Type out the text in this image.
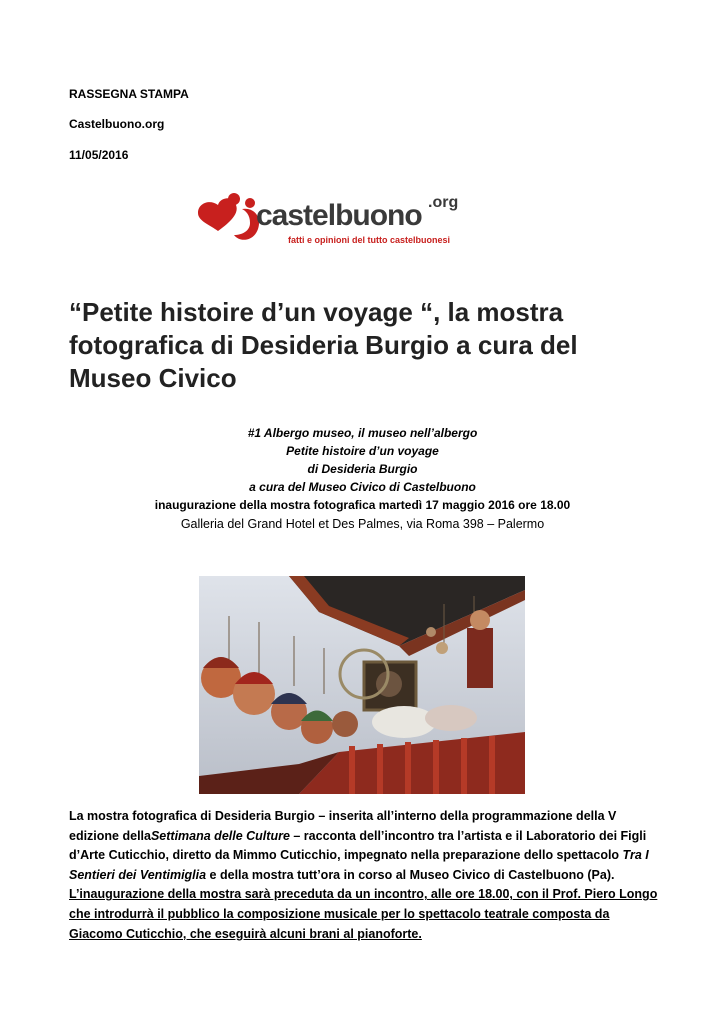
RASSEGNA STAMPA
Castelbuono.org
11/05/2016
castelbuono .org
fatti e opinioni del tutto castelbuonesi
“Petite histoire d’un voyage “, la mostra
fotografica di Desideria Burgio a cura del
Museo Civico
#1 Albergo museo, il museo nell’albergo
Petite histoire d’un voyage
di Desideria Burgio
a cura del Museo Civico di Castelbuono
inaugurazione della mostra fotografica martedì 17 maggio 2016 ore 18.00
Galleria del Grand Hotel et Des Palmes, via Roma 398 – Palermo
La mostra fotografica di Desideria Burgio – inserita all’interno della programmazione della V edizione dellaSettimana delle Culture – racconta dell’incontro tra l’artista e il Laboratorio dei Figli d’Arte Cuticchio, diretto da Mimmo Cuticchio, impegnato nella preparazione dello spettacolo Tra I Sentieri dei Ventimiglia e della mostra tutt’ora in corso al Museo Civico di Castelbuono (Pa).
L’inaugurazione della mostra sarà preceduta da un incontro, alle ore 18.00, con il Prof. Piero Longo che introdurrà il pubblico la composizione musicale per lo spettacolo teatrale composta da Giacomo Cuticchio, che eseguirà alcuni brani al pianoforte.
